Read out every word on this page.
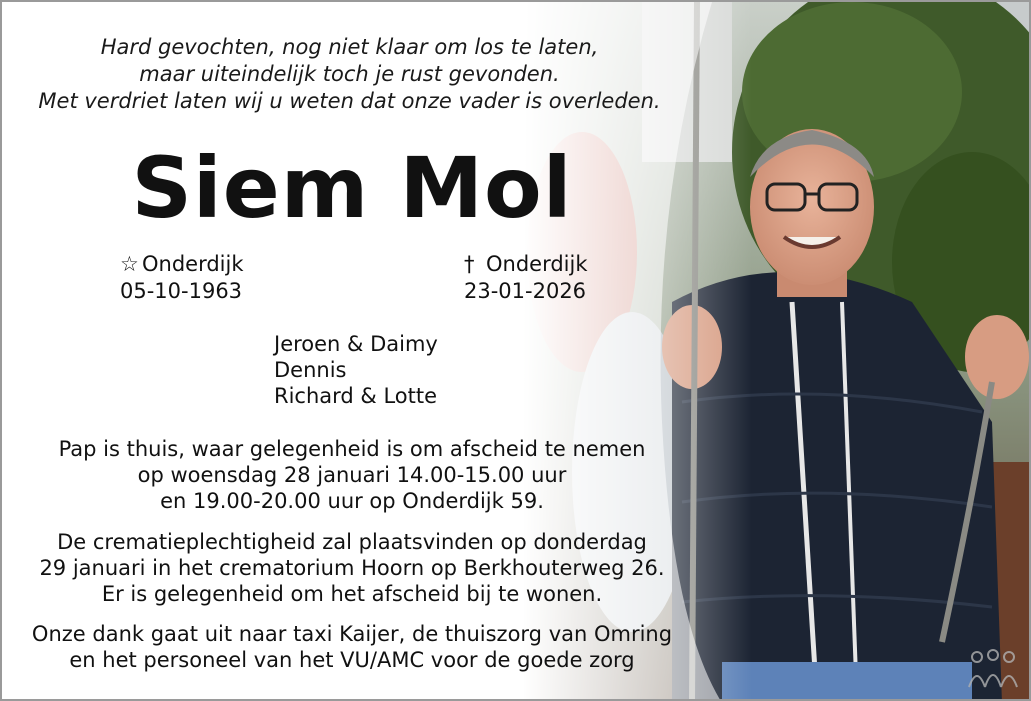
Hard gevochten, nog niet klaar om los te laten,
maar uiteindelijk toch je rust gevonden.
Met verdriet laten wij u weten dat onze vader is overleden.
Siem Mol
☆ Onderdijk
05-10-1963
† Onderdijk
23-01-2026
Jeroen & Daimy
Dennis
Richard & Lotte
Pap is thuis, waar gelegenheid is om afscheid te nemen
op woensdag 28 januari 14.00-15.00 uur
en 19.00-20.00 uur op Onderdijk 59.
De crematieplechtigheid zal plaatsvinden op donderdag
29 januari in het crematorium Hoorn op Berkhouterweg 26.
Er is gelegenheid om het afscheid bij te wonen.
Onze dank gaat uit naar taxi Kaijer, de thuiszorg van Omring
en het personeel van het VU/AMC voor de goede zorg
